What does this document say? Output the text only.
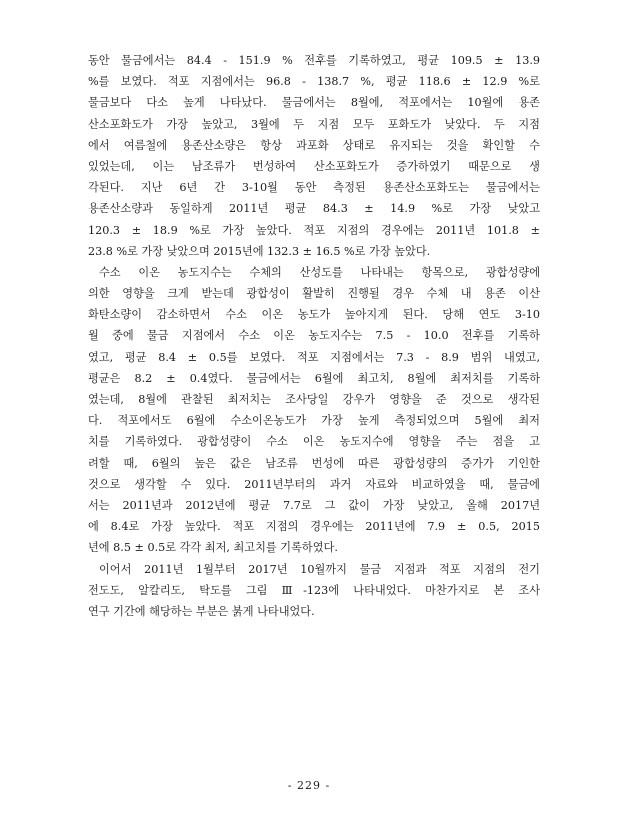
동안 물금에서는 84.4 - 151.9 % 전후를 기록하였고, 평균 109.5 ± 13.9
%를 보였다. 적포 지점에서는 96.8 - 138.7 %, 평균 118.6 ± 12.9 %로
물금보다 다소 높게 나타났다. 물금에서는 8월에, 적포에서는 10월에 용존
산소포화도가 가장 높았고, 3월에 두 지점 모두 포화도가 낮았다. 두 지점
에서 여름철에 용존산소량은 항상 과포화 상태로 유지되는 것을 확인할 수
있었는데, 이는 남조류가 번성하여 산소포화도가 증가하였기 때문으로 생
각된다. 지난 6년 간 3-10월 동안 측정된 용존산소포화도는 물금에서는
용존산소량과 동일하게 2011년 평균 84.3 ± 14.9 %로 가장 낮았고
120.3 ± 18.9 %로 가장 높았다. 적포 지점의 경우에는 2011년 101.8 ±
23.8 %로 가장 낮았으며 2015년에 132.3 ± 16.5 %로 가장 높았다.
수소 이온 농도지수는 수체의 산성도를 나타내는 항목으로, 광합성량에
의한 영향을 크게 받는데 광합성이 활발히 진행될 경우 수체 내 용존 이산
화탄소량이 감소하면서 수소 이온 농도가 높아지게 된다. 당해 연도 3-10
월 중에 물금 지점에서 수소 이온 농도지수는 7.5 - 10.0 전후를 기록하
였고, 평균 8.4 ± 0.5를 보였다. 적포 지점에서는 7.3 - 8.9 범위 내였고,
평균은 8.2 ± 0.4였다. 물금에서는 6월에 최고치, 8월에 최저치를 기록하
였는데, 8월에 관찰된 최저치는 조사당일 강우가 영향을 준 것으로 생각된
다. 적포에서도 6월에 수소이온농도가 가장 높게 측정되었으며 5월에 최저
치를 기록하였다. 광합성량이 수소 이온 농도지수에 영향을 주는 점을 고
려할 때, 6월의 높은 값은 남조류 번성에 따른 광합성량의 증가가 기인한
것으로 생각할 수 있다. 2011년부터의 과거 자료와 비교하였을 때, 물금에
서는 2011년과 2012년에 평균 7.7로 그 값이 가장 낮았고, 올해 2017년
에 8.4로 가장 높았다. 적포 지점의 경우에는 2011년에 7.9 ± 0.5, 2015
년에 8.5 ± 0.5로 각각 최저, 최고치를 기록하였다.
이어서 2011년 1월부터 2017년 10월까지 물금 지점과 적포 지점의 전기
전도도, 알칼리도, 탁도를 그림 Ⅲ-123에 나타내었다. 마찬가지로 본 조사
연구 기간에 해당하는 부분은 붉게 나타내었다.
- 229 -
